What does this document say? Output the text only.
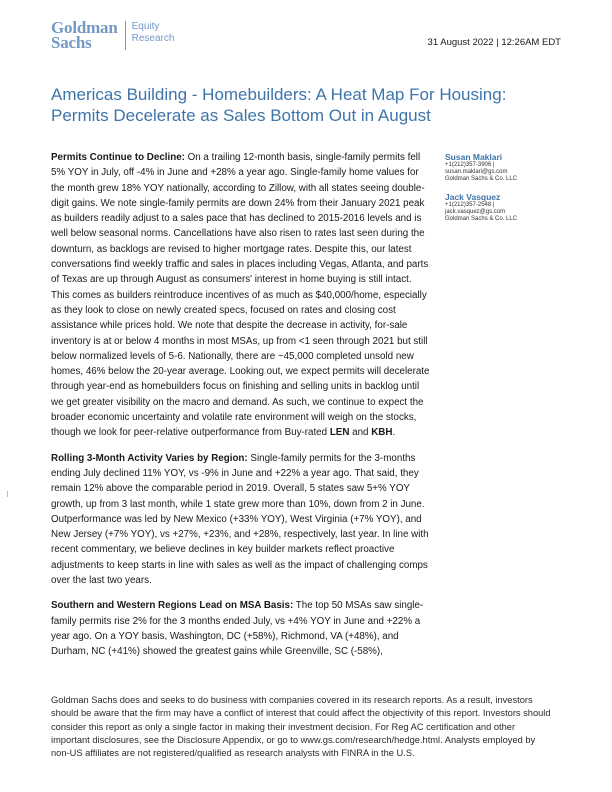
Goldman
Sachs
Equity
Research	31 August 2022 | 12:26AM EDT
Americas Building - Homebuilders: A Heat Map For Housing: Permits Decelerate as Sales Bottom Out in August

Permits Continue to Decline: On a trailing 12-month basis, single-family permits fell 5% YOY in July, off -4% in June and +28% a year ago. Single-family home values for the month grew 18% YOY nationally, according to Zillow, with all states seeing double-digit gains. We note single-family permits are down 24% from their January 2021 peak as builders readily adjust to a sales pace that has declined to 2015-2016 levels and is well below seasonal norms. Cancellations have also risen to rates last seen during the downturn, as backlogs are revised to higher mortgage rates. Despite this, our latest conversations find weekly traffic and sales in places including Vegas, Atlanta, and parts of Texas are up through August as consumers' interest in home buying is still intact. This comes as builders reintroduce incentives of as much as $40,000/home, especially as they look to close on newly created specs, focused on rates and closing cost assistance while prices hold. We note that despite the decrease in activity, for-sale inventory is at or below 4 months in most MSAs, up from <1 seen through 2021 but still below normalized levels of 5-6. Nationally, there are ~45,000 completed unsold new homes, 46% below the 20-year average. Looking out, we expect permits will decelerate through year-end as homebuilders focus on finishing and selling units in backlog until we get greater visibility on the macro and demand. As such, we continue to expect the broader economic uncertainty and volatile rate environment will weigh on the stocks, though we look for peer-relative outperformance from Buy-rated LEN and KBH.

Rolling 3-Month Activity Varies by Region: Single-family permits for the 3-months ending July declined 11% YOY, vs -9% in June and +22% a year ago. That said, they remain 12% above the comparable period in 2019. Overall, 5 states saw 5+% YOY growth, up from 3 last month, while 1 state grew more than 10%, down from 2 in June. Outperformance was led by New Mexico (+33% YOY), West Virginia (+7% YOY), and New Jersey (+7% YOY), vs +27%, +23%, and +28%, respectively, last year. In line with recent commentary, we believe declines in key builder markets reflect proactive adjustments to keep starts in line with sales as well as the impact of challenging comps over the last two years.

Southern and Western Regions Lead on MSA Basis: The top 50 MSAs saw single-family permits rise 2% for the 3 months ended July, vs +4% YOY in June and +22% a year ago. On a YOY basis, Washington, DC (+58%), Richmond, VA (+48%), and Durham, NC (+41%) showed the greatest gains while Greenville, SC (-58%),

Susan Maklari
+1(212)357-3906 |
susan.maklari@gs.com
Goldman Sachs & Co. LLC
Jack Vasquez
+1(212)357-2548 |
jack.vasquez@gs.com
Goldman Sachs & Co. LLC

Goldman Sachs does and seeks to do business with companies covered in its research reports. As a result, investors should be aware that the firm may have a conflict of interest that could affect the objectivity of this report. Investors should consider this report as only a single factor in making their investment decision. For Reg AC certification and other important disclosures, see the Disclosure Appendix, or go to www.gs.com/research/hedge.html. Analysts employed by non-US affiliates are not registered/qualified as research analysts with FINRA in the U.S.
